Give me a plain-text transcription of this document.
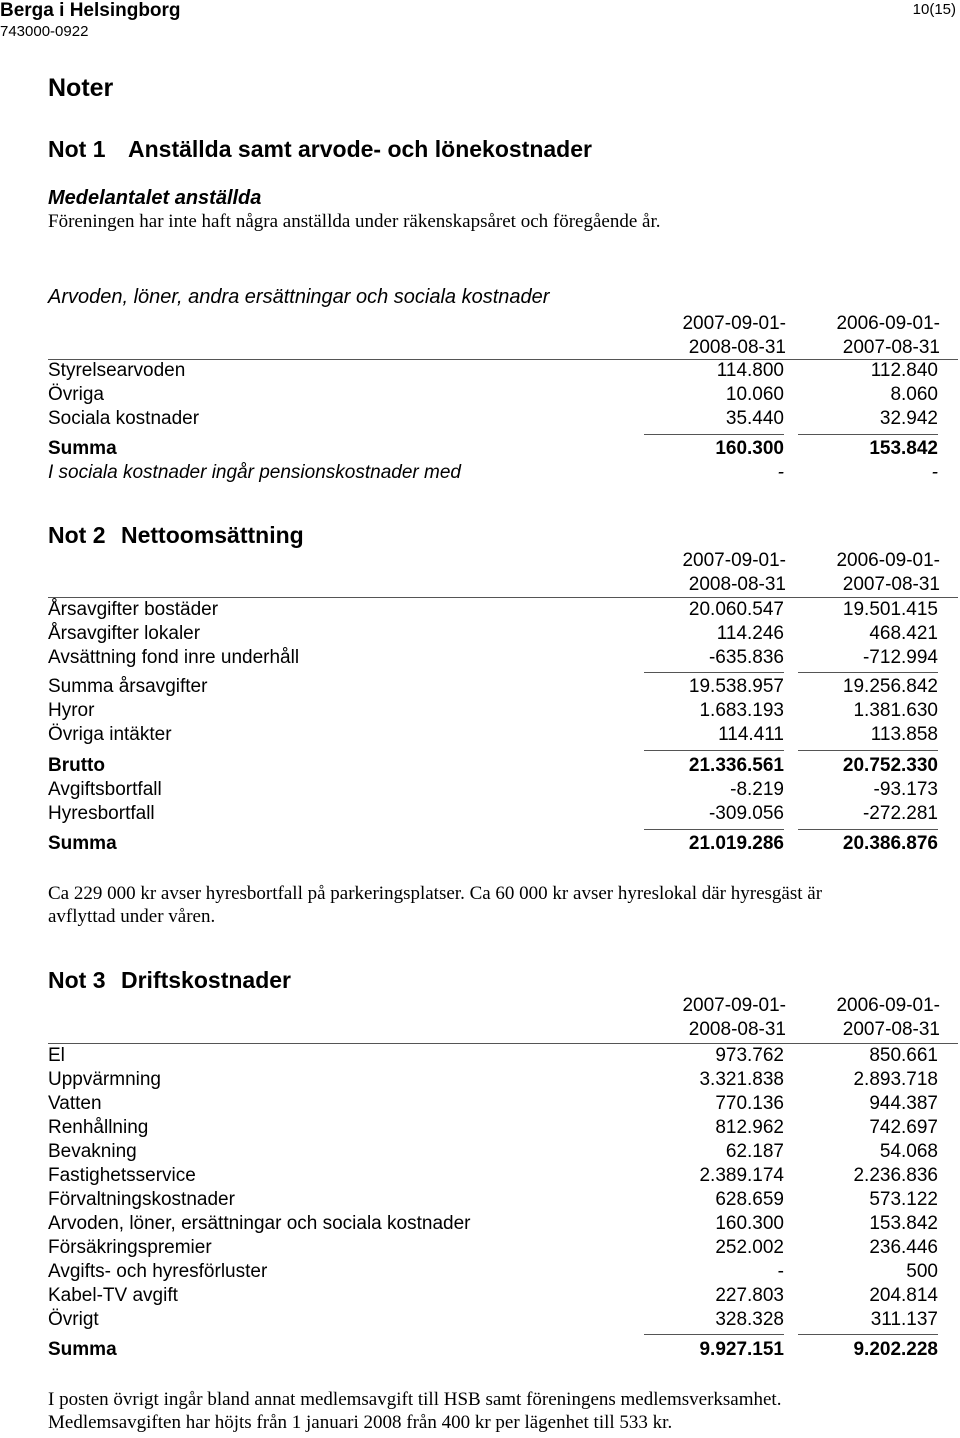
Berga i Helsingborg
743000-0922
10(15)
Noter
Not 1 Anställda samt arvode- och lönekostnader
Medelantalet anställda
Föreningen har inte haft några anställda under räkenskapsåret och föregående år.
Arvoden, löner, andra ersättningar och sociala kostnader
2007-09-01-
2008-08-31
2006-09-01-
2007-08-31
Styrelsearvoden	114.800	112.840
Övriga	10.060	8.060
Sociala kostnader	35.440	32.942
Summa	160.300	153.842
I sociala kostnader ingår pensionskostnader med	-	-
Not 2 Nettoomsättning
2007-09-01-
2008-08-31
2006-09-01-
2007-08-31
Årsavgifter bostäder	20.060.547	19.501.415
Årsavgifter lokaler	114.246	468.421
Avsättning fond inre underhåll	-635.836	-712.994
Summa årsavgifter	19.538.957	19.256.842
Hyror	1.683.193	1.381.630
Övriga intäkter	114.411	113.858
Brutto	21.336.561	20.752.330
Avgiftsbortfall	-8.219	-93.173
Hyresbortfall	-309.056	-272.281
Summa	21.019.286	20.386.876
Ca 229 000 kr avser hyresbortfall på parkeringsplatser. Ca 60 000 kr avser hyreslokal där hyresgäst är
avflyttad under våren.
Not 3 Driftskostnader
2007-09-01-
2008-08-31
2006-09-01-
2007-08-31
El	973.762	850.661
Uppvärmning	3.321.838	2.893.718
Vatten	770.136	944.387
Renhållning	812.962	742.697
Bevakning	62.187	54.068
Fastighetsservice	2.389.174	2.236.836
Förvaltningskostnader	628.659	573.122
Arvoden, löner, ersättningar och sociala kostnader	160.300	153.842
Försäkringspremier	252.002	236.446
Avgifts- och hyresförluster	-	500
Kabel-TV avgift	227.803	204.814
Övrigt	328.328	311.137
Summa	9.927.151	9.202.228
I posten övrigt ingår bland annat medlemsavgift till HSB samt föreningens medlemsverksamhet.
Medlemsavgiften har höjts från 1 januari 2008 från 400 kr per lägenhet till 533 kr.
